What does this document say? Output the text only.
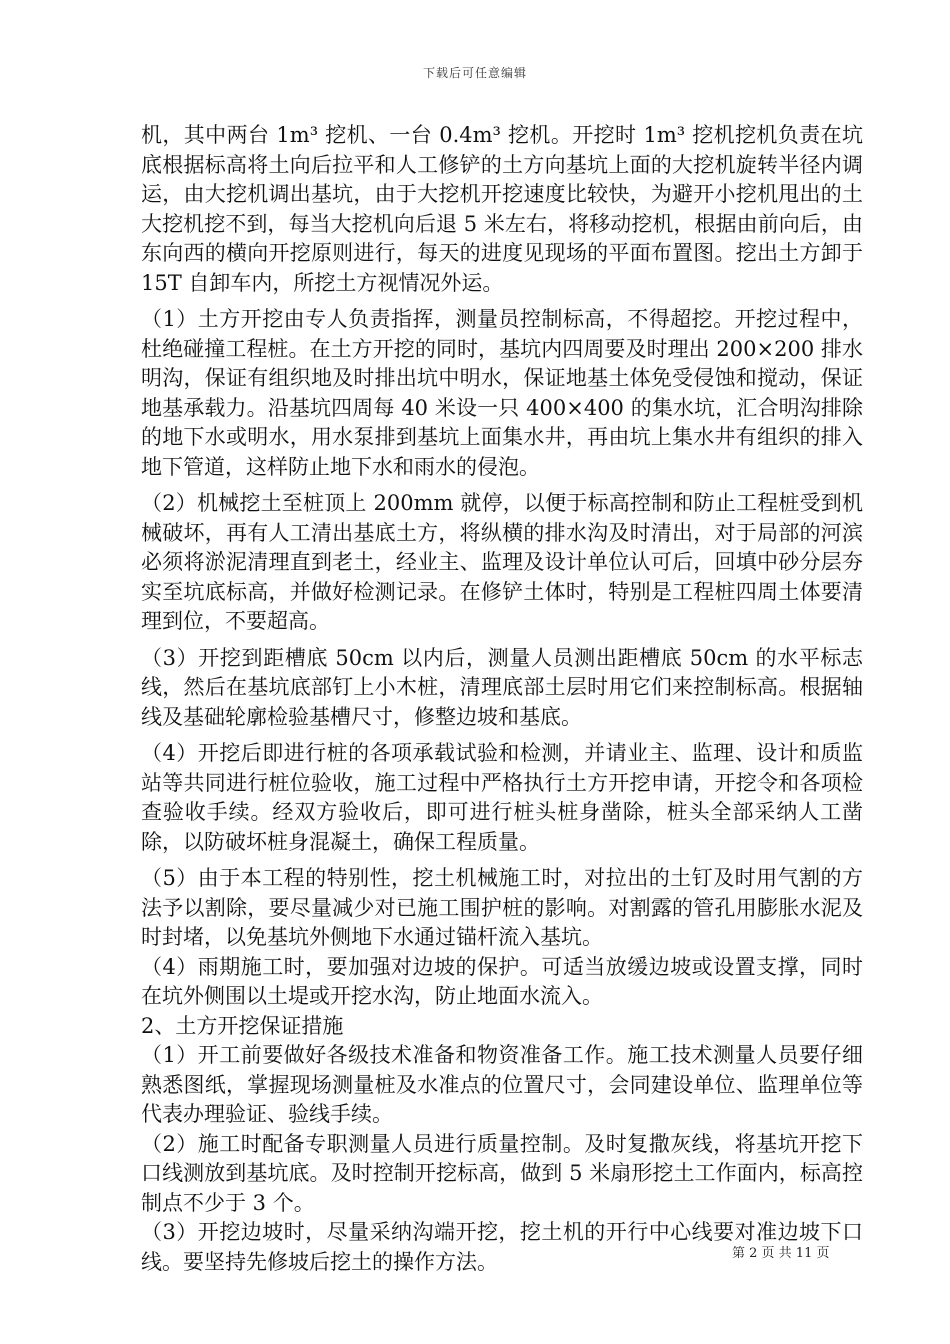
下载后可任意编辑

机，其中两台 1m³ 挖机、一台 0.4m³ 挖机。开挖时 1m³ 挖机挖机负责在坑底根据标高将土向后拉平和人工修铲的土方向基坑上面的大挖机旋转半径内调运，由大挖机调出基坑，由于大挖机开挖速度比较快，为避开小挖机甩出的土大挖机挖不到，每当大挖机向后退 5 米左右，将移动挖机，根据由前向后，由东向西的横向开挖原则进行，每天的进度见现场的平面布置图。挖出土方卸于 15T 自卸车内，所挖土方视情况外运。

（1）土方开挖由专人负责指挥，测量员控制标高，不得超挖。开挖过程中，杜绝碰撞工程桩。在土方开挖的同时，基坑内四周要及时理出 200×200 排水明沟，保证有组织地及时排出坑中明水，保证地基土体免受侵蚀和搅动，保证地基承载力。沿基坑四周每 40 米设一只 400×400 的集水坑，汇合明沟排除的地下水或明水，用水泵排到基坑上面集水井，再由坑上集水井有组织的排入地下管道，这样防止地下水和雨水的侵泡。

（2）机械挖土至桩顶上 200mm 就停，以便于标高控制和防止工程桩受到机械破坏，再有人工清出基底土方，将纵横的排水沟及时清出，对于局部的河滨必须将淤泥清理直到老土，经业主、监理及设计单位认可后，回填中砂分层夯实至坑底标高，并做好检测记录。在修铲土体时，特别是工程桩四周土体要清理到位，不要超高。

（3）开挖到距槽底 50cm 以内后，测量人员测出距槽底 50cm 的水平标志线，然后在基坑底部钉上小木桩，清理底部土层时用它们来控制标高。根据轴线及基础轮廓检验基槽尺寸，修整边坡和基底。

（4）开挖后即进行桩的各项承载试验和检测，并请业主、监理、设计和质监站等共同进行桩位验收，施工过程中严格执行土方开挖申请，开挖令和各项检查验收手续。经双方验收后，即可进行桩头桩身凿除，桩头全部采纳人工凿除，以防破坏桩身混凝土，确保工程质量。

（5）由于本工程的特别性，挖土机械施工时，对拉出的土钉及时用气割的方法予以割除，要尽量减少对已施工围护桩的影响。对割露的管孔用膨胀水泥及时封堵，以免基坑外侧地下水通过锚杆流入基坑。

（4）雨期施工时，要加强对边坡的保护。可适当放缓边坡或设置支撑，同时在坑外侧围以土堤或开挖水沟，防止地面水流入。

2、土方开挖保证措施

（1）开工前要做好各级技术准备和物资准备工作。施工技术测量人员要仔细熟悉图纸，掌握现场测量桩及水准点的位置尺寸，会同建设单位、监理单位等代表办理验证、验线手续。

（2）施工时配备专职测量人员进行质量控制。及时复撒灰线，将基坑开挖下口线测放到基坑底。及时控制开挖标高，做到 5 米扇形挖土工作面内，标高控制点不少于 3 个。

（3）开挖边坡时，尽量采纳沟端开挖，挖土机的开行中心线要对准边坡下口线。要坚持先修坡后挖土的操作方法。	第 2 页 共 11 页
